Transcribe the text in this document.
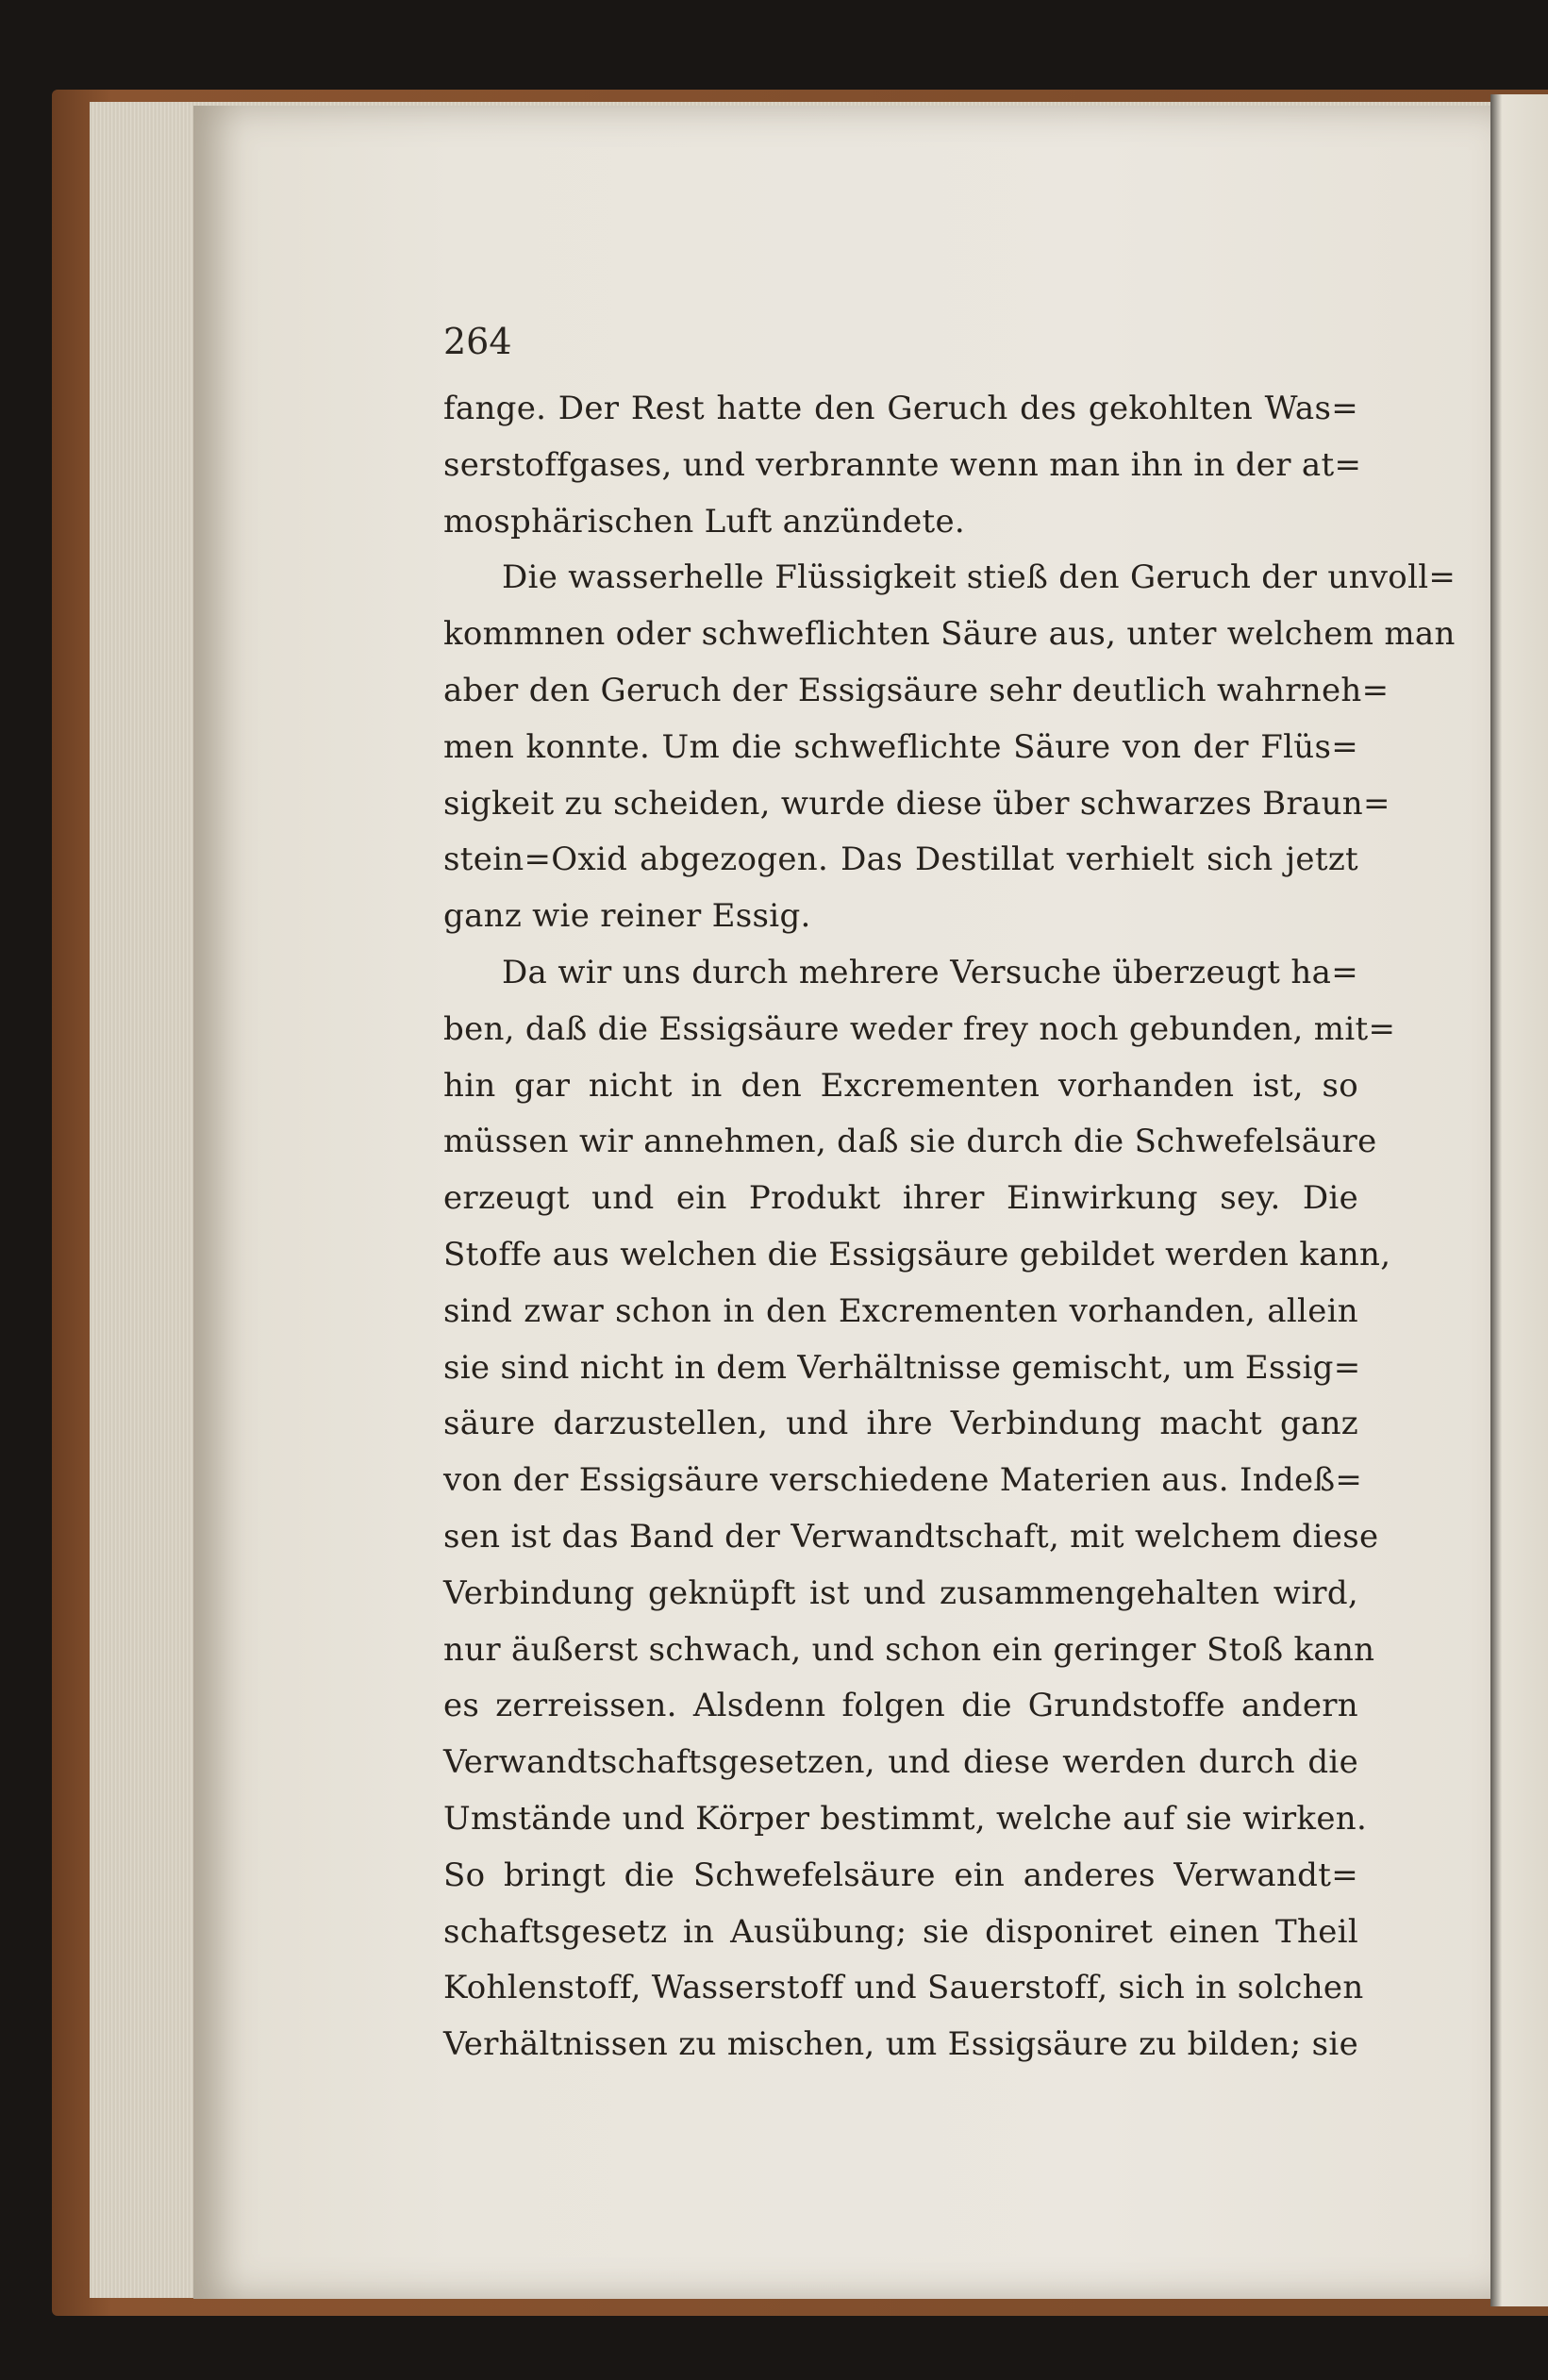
264

fange. Der Rest hatte den Geruch des gekohlten Was=
serstoffgases, und verbrannte wenn man ihn in der at=
mosphärischen Luft anzündete.
Die wasserhelle Flüssigkeit stieß den Geruch der unvoll=
kommnen oder schweflichten Säure aus, unter welchem man
aber den Geruch der Essigsäure sehr deutlich wahrneh=
men konnte. Um die schweflichte Säure von der Flüs=
sigkeit zu scheiden, wurde diese über schwarzes Braun=
stein=Oxid abgezogen. Das Destillat verhielt sich jetzt
ganz wie reiner Essig.
Da wir uns durch mehrere Versuche überzeugt ha=
ben, daß die Essigsäure weder frey noch gebunden, mit=
hin gar nicht in den Excrementen vorhanden ist, so
müssen wir annehmen, daß sie durch die Schwefelsäure
erzeugt und ein Produkt ihrer Einwirkung sey. Die
Stoffe aus welchen die Essigsäure gebildet werden kann,
sind zwar schon in den Excrementen vorhanden, allein
sie sind nicht in dem Verhältnisse gemischt, um Essig=
säure darzustellen, und ihre Verbindung macht ganz
von der Essigsäure verschiedene Materien aus. Indeß=
sen ist das Band der Verwandtschaft, mit welchem diese
Verbindung geknüpft ist und zusammengehalten wird,
nur äußerst schwach, und schon ein geringer Stoß kann
es zerreissen. Alsdenn folgen die Grundstoffe andern
Verwandtschaftsgesetzen, und diese werden durch die
Umstände und Körper bestimmt, welche auf sie wirken.
So bringt die Schwefelsäure ein anderes Verwandt=
schaftsgesetz in Ausübung; sie disponiret einen Theil
Kohlenstoff, Wasserstoff und Sauerstoff, sich in solchen
Verhältnissen zu mischen, um Essigsäure zu bilden; sie
